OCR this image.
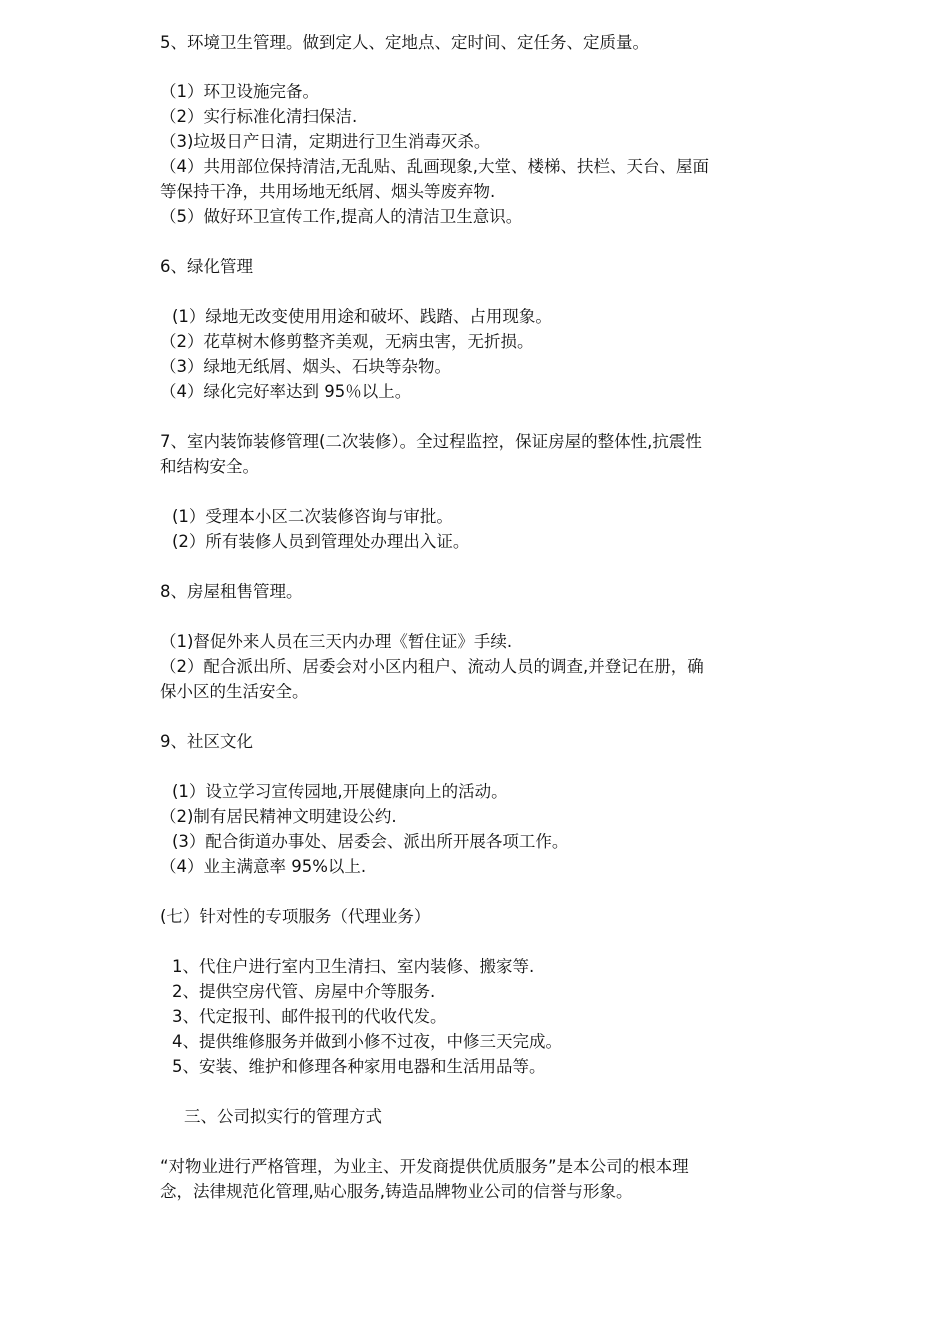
5、环境卫生管理。做到定人、定地点、定时间、定任务、定质量。
（1）环卫设施完备。
（2）实行标准化清扫保洁.
（3)垃圾日产日清，定期进行卫生消毒灭杀。
（4）共用部位保持清洁,无乱贴、乱画现象,大堂、楼梯、扶栏、天台、屋面
等保持干净，共用场地无纸屑、烟头等废弃物.
（5）做好环卫宣传工作,提高人的清洁卫生意识。
6、绿化管理
(1）绿地无改变使用用途和破坏、践踏、占用现象。
（2）花草树木修剪整齐美观，无病虫害，无折损。
（3）绿地无纸屑、烟头、石块等杂物。
（4）绿化完好率达到 95％以上。
7、室内装饰装修管理(二次装修）。全过程监控，保证房屋的整体性,抗震性
和结构安全。
(1）受理本小区二次装修咨询与审批。
(2）所有装修人员到管理处办理出入证。
8、房屋租售管理。
（1)督促外来人员在三天内办理《暂住证》手续.
（2）配合派出所、居委会对小区内租户、流动人员的调查,并登记在册，确
保小区的生活安全。
9、社区文化
(1）设立学习宣传园地,开展健康向上的活动。
（2)制有居民精神文明建设公约.
(3）配合街道办事处、居委会、派出所开展各项工作。
（4）业主满意率 95%以上.
(七）针对性的专项服务（代理业务）
1、代住户进行室内卫生清扫、室内装修、搬家等.
2、提供空房代管、房屋中介等服务.
3、代定报刊、邮件报刊的代收代发。
4、提供维修服务并做到小修不过夜，中修三天完成。
5、安装、维护和修理各种家用电器和生活用品等。
三、公司拟实行的管理方式
“对物业进行严格管理，为业主、开发商提供优质服务”是本公司的根本理
念，法律规范化管理,贴心服务,铸造品牌物业公司的信誉与形象。
